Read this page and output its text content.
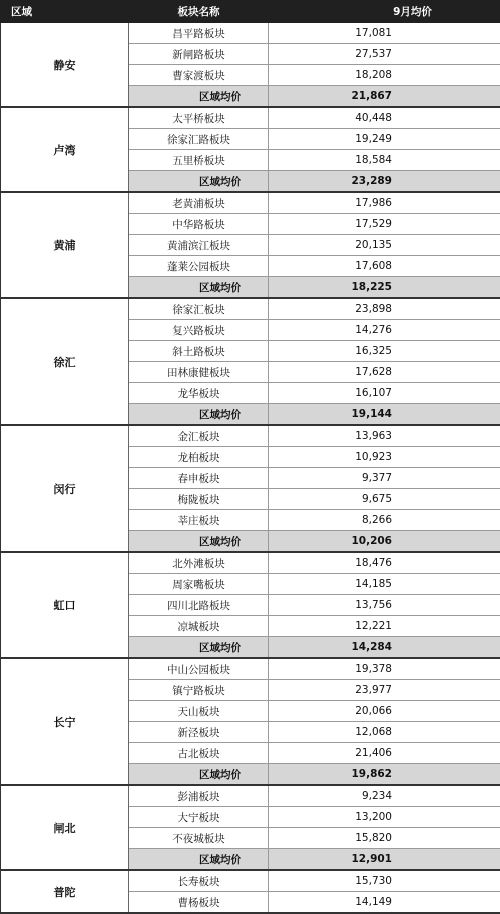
区域	板块名称	9月均价
静安	昌平路板块	17,081
	新闸路板块	27,537
	曹家渡板块	18,208
	区域均价	21,867
卢湾	太平桥板块	40,448
	徐家汇路板块	19,249
	五里桥板块	18,584
	区域均价	23,289
黄浦	老黄浦板块	17,986
	中华路板块	17,529
	黄浦滨江板块	20,135
	蓬莱公园板块	17,608
	区域均价	18,225
徐汇	徐家汇板块	23,898
	复兴路板块	14,276
	斜土路板块	16,325
	田林康健板块	17,628
	龙华板块	16,107
	区域均价	19,144
闵行	金汇板块	13,963
	龙柏板块	10,923
	春申板块	9,377
	梅陇板块	9,675
	莘庄板块	8,266
	区域均价	10,206
虹口	北外滩板块	18,476
	周家嘴板块	14,185
	四川北路板块	13,756
	凉城板块	12,221
	区域均价	14,284
长宁	中山公园板块	19,378
	镇宁路板块	23,977
	天山板块	20,066
	新泾板块	12,068
	古北板块	21,406
	区域均价	19,862
闸北	彭浦板块	9,234
	大宁板块	13,200
	不夜城板块	15,820
	区域均价	12,901
普陀	长寿板块	15,730
	曹杨板块	14,149
